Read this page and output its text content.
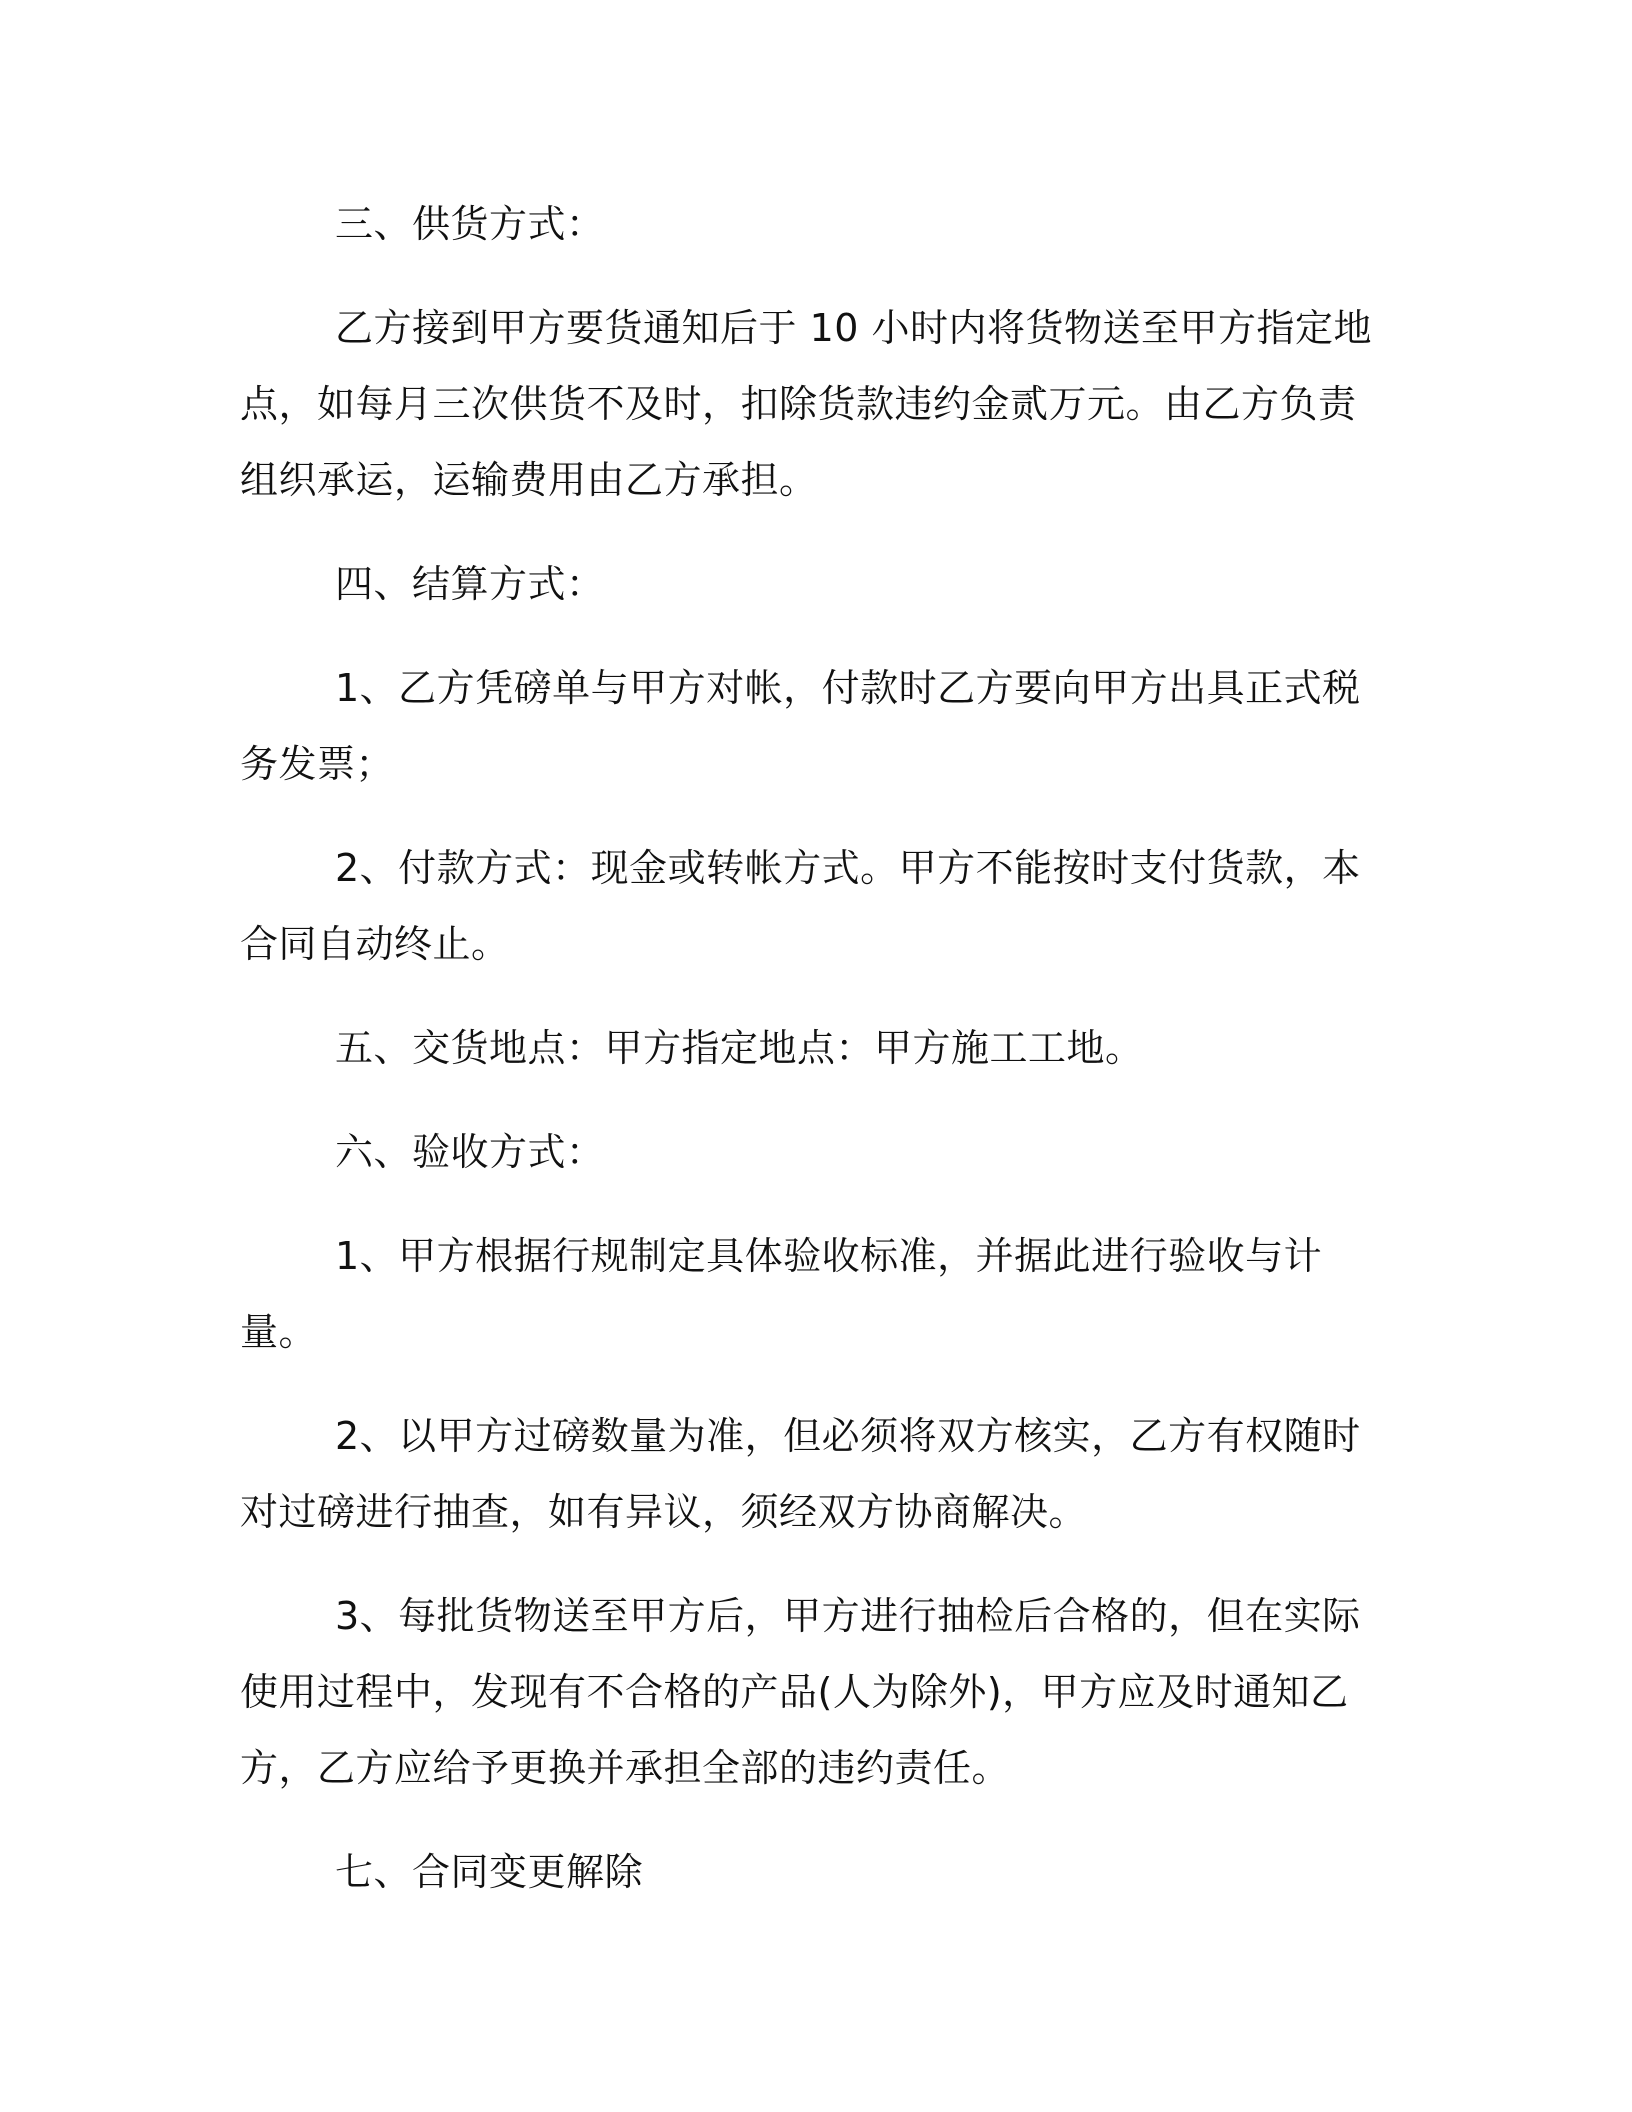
三、供货方式：

乙方接到甲方要货通知后于 10 小时内将货物送至甲方指定地点，如每月三次供货不及时，扣除货款违约金贰万元。由乙方负责组织承运，运输费用由乙方承担。

四、结算方式：

1、乙方凭磅单与甲方对帐，付款时乙方要向甲方出具正式税务发票；

2、付款方式：现金或转帐方式。甲方不能按时支付货款，本合同自动终止。

五、交货地点：甲方指定地点：甲方施工工地。

六、验收方式：

1、甲方根据行规制定具体验收标准，并据此进行验收与计量。

2、以甲方过磅数量为准，但必须将双方核实，乙方有权随时对过磅进行抽查，如有异议，须经双方协商解决。

3、每批货物送至甲方后，甲方进行抽检后合格的，但在实际使用过程中，发现有不合格的产品(人为除外)，甲方应及时通知乙方，乙方应给予更换并承担全部的违约责任。

七、合同变更解除
